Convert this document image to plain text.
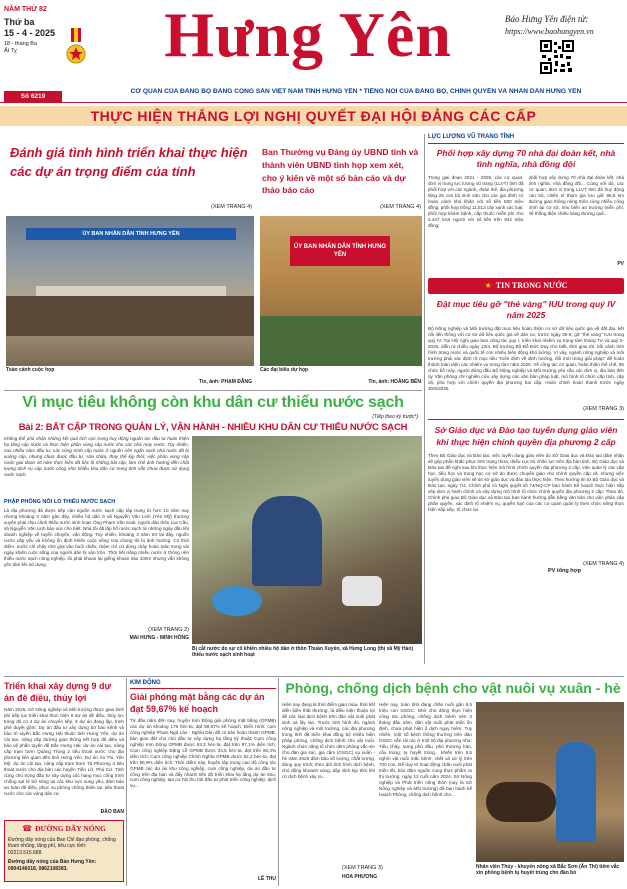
NĂM THỨ 82
Thứ ba
15 - 4 - 2025
18 - tháng Ba
Ất Tỵ
Số 6219
Hưng Yên	Báo Hưng Yên điện tử:
https://www.baohungyen.vn
CƠ QUAN CỦA ĐẢNG BỘ ĐẢNG CỘNG SẢN VIỆT NAM TỈNH HƯNG YÊN * TIẾNG NÓI CỦA ĐẢNG BỘ, CHÍNH QUYỀN VÀ NHÂN DÂN HƯNG YÊN
THỰC HIỆN THẮNG LỢI NGHỊ QUYẾT ĐẠI HỘI ĐẢNG CÁC CẤP
Đánh giá tình hình triển khai thực hiện các dự án trọng điểm của tỉnh
(XEM TRANG 4)
ỦY BAN NHÂN DÂN TỈNH HƯNG YÊN
Toàn cảnh cuộc họp
Tin, ảnh: PHẠM ĐĂNG
Ban Thường vụ Đảng ủy UBND tỉnh và thành viên UBND tỉnh họp xem xét, cho ý kiến về một số bản cáo và dự thảo báo cáo
(XEM TRANG 4)
ỦY BAN NHÂN DÂN TỈNH HƯNG YÊN
Các đại biểu dự họp
Tin, ảnh: HOÀNG BẾN
LỰC LƯỢNG VŨ TRANG TỈNH
Phối hợp xây dựng 70 nhà đại đoàn kết, nhà tình nghĩa, nhà đồng đội
Trong giai đoạn 2021 - 2025, các cơ quan, đơn vị trong lực lượng vũ trang (LLVT) tỉnh đã phối hợp với các ngành, đoàn thể, địa phương tặng 25 con bò sinh sản cho các gia đình có hoàn cảnh khó khăn với số tiền 500 triệu đồng; phối hợp trồng 11.513 cây xanh các loại; phối hợp khám bệnh, cấp thuốc miễn phí cho 2.447 lượt người với số tiền trên 942 triệu đồng;
phối hợp xây dựng 70 nhà đại đoàn kết, nhà tình nghĩa, nhà đồng đội... Cùng với đó, các cơ quan, đơn vị trong LLVT tỉnh đã huy động cán bộ, chiến sĩ tham gia lưu giữ 86,8 km đường giao thông nông thôn cùng nhiều công trình tại cơ sở, nhu biển an trường miễn phí, hệ thống điện chiếu sáng đường quê...
PV
★ TIN TRONG NƯỚC
Đặt mục tiêu gỡ "thẻ vàng" IUU trong quý IV năm 2025
Bộ Nông nghiệp và Môi trường đặt mục tiêu hoàn thiện cơ sở dữ liệu quốc gia về đất đai, kết nối liên thông với cơ sở dữ liệu quốc gia về dân cư, trước ngày 30-6; gỡ "thẻ vàng" IUU trong quý IV. Tại Hội nghị giao ban công tác quý I, triển khai nhiệm vụ trọng tâm tháng Tư và quý II-2025, diễn ra chiều ngày 13/4, Bộ trưởng Bộ Đỗ Đức Duy cho biết, thời gian tới, bối cảnh tình hình trong nước và quốc tế còn nhiều biến động khó lường. Vì vậy, ngành nông nghiệp và môi trường phải xác định rõ mục tiêu "Kiên định về định hướng, đổi mới trong giải pháp" để hoàn thành toàn diện các nhiệm vụ trong tâm năm 2025. Về công tác cơ quan, hoàn thiện thể chế, 95 chức bổ máy, người đứng đầu Bộ Nông nghiệp và Môi trường yêu cầu các đơn vị, địa bàn tỉnh ủy Văn phòng chỉ nghiên cứu xây dựng các văn bản pháp luật, mô hình tổ chức cấp tỉnh, cấp xã, phủ hợp với chính quyền địa phương hai cấp. Hoàn chỉnh hoàn thành trước ngày 30/6/2025.
(XEM TRANG 3)
Sở Giáo dục và Đào tạo tuyển dụng giáo viên khi thực hiện chính quyền địa phương 2 cấp
Theo Bộ Giáo dục và Đào tạo, việc tuyển dụng giáo viên do Sở Giáo dục và Đào tạo đảm nhận sẽ góp phần khắc phục tình trạng thừa, thiếu cục bộ nhân lực trên địa bàn tỉnh. Bộ Giáo dục và Đào tạo đề nghị sau khi thực hiện mô hình chính quyền địa phương 2 cấp, việc quản lý các cấp học, tiểu học và trung học cơ sở do được chuyển giao cho chính quyền cấp xã, nhưng việc tuyển dụng giáo viên sẽ do sở giáo dục và đào tạo thực hiện. Theo hướng tin từ Bộ Giáo dục và Đào tạo, ngày 7/4, Chính phủ có Nghị quyết số 74/NQ-CP ban hành Kế hoạch thực hiện sắp xếp đơn vị hành chính và xây dựng mô hình tổ chức chính quyền địa phương 2 cấp. Theo đó, Chính phủ giao Bộ Giáo dục và Đào tạo ban hành hướng dẫn bằng văn bản cho việc phân cấp phân quyền, xác định rõ nhiệm vụ, quyền hạn của các cơ quan quản lý theo chức năng thực hiện sắp xếp, tổ chức lại.
(XEM TRANG 4)
PV tổng hợp
Vì mục tiêu không còn khu dân cư thiếu nước sạch
(Tiếp theo kỳ trước*)
Bài 2: BẤT CẬP TRONG QUẢN LÝ, VẬN HÀNH - NHIỀU KHU DÂN CƯ THIẾU NƯỚC SẠCH
Không thể phủ nhận những kết quả tích cực trong huy động nguồn lực đầu tư hoàn thiện hạ tầng cấp nước và thực hiện phân vùng cấp nước cho các nhà máy nước. Tuy nhiên, sau nhiều năm đầu tư, các công trình cấp nước ở nguồn nên ngắn sạch nhà nước đã bị xuống cấp, nhưng chưa được đầu tư, sửa chữa, thay thế kịp thời; việc phân vùng cấp nước giai đoạn 10 năm thực hiện đã bộc lộ những bất cập, làm chế ảnh hưởng đến chất lượng dịch vụ cấp nước cũng như nhiều khu dân cư trong tỉnh vẫn chưa được sử dụng nước sạch.
PHẬP PHỒNG NỖI LO THIẾU NƯỚC SẠCH
Là địa phương đã được tiếp cận nguồn nước sạch cấp tập trung từ hơn 10 năm nay nhưng khoảng 3 năm gần đây, nhiều hộ dân ở xã Nguyễn Văn Linh (Yên Mỹ) thường xuyên phải chịu cảnh thiếu nước sinh hoạt. Ông Phạm Văn Soát, người dân thôn Lạc Cầu, xã Nguyễn Văn Linh bảo xúc cho biết: Nhà tôi đã lắp hố nước sạch từ những ngày đầu khi doanh nghiệp về tuyển chuyển, vận động. Tuy nhiên, khoảng 3 năm trở lại đây, nguồn nước cấp yếu và không ổn định khiến cuộc sống của chúng tôi bị ảnh hưởng. Có thời điểm, nước chỉ chảy nhỏ giọt vào buổi chiều, thậm chí cứ dùng chảy hoàn toàn trong vài ngày khiến cuộc sống của người dân bị xáo trộn. Thời tiết nắng nhiều nước ở thông nên thiếu nước sạch nông nghiệp, lôi phải khoan lại giếng khoan sâu 100m nhưng vẫn không yên tâm khi sử dụng.
(XEM TRANG 2)
MAI HƯNG - MINH HỒNG
Bị cắt nước do sự cố khiến nhiều hộ dân ở thôn Thuần Xuyên, xã Hưng Long (thị xã Mỹ Hào) thiếu nước sạch sinh hoạt
Triển khai xây dựng 9 dự án đê điều, thủy lợi
Năm 2025, Sở Nông nghiệp và Môi trường được giao kinh phí tiếp tục triển khai thực hiện 9 dự án đê điều, thủy lợi, trong đó có 4 dự án chuyển tiếp, 5 dự án đang lập, trình phê duyệt gồm: Dự án đầu tư xây dựng bờ bao kênh và bảo trì tuyến Bắc Hưng Hải thuộc tỉnh Hưng Yên; dự án cải tạo, nâng cấp đường giao thông kết hợp đê điều và bảo vệ phần tuyến đê Bắc Hưng Hải; dự án cải tạo, nâng cấp trạm bơm Quảng Trùng 2 tiêu thoát nước cho địa phương liên quan đến tỉnh Hưng Yên. Dự án Ân Thi, Yên Mỹ; dự án cải tạo, nâng cấp trạm bơm Tà Phương 3 tiêu thoát nước cho địa bàn các huyện Tiên Lữ, Phù Cừ. Tỉnh cũng chú trọng đầu tư xây dựng các hạng mục công trình chống sạt lở bờ sông tại các khu vực xung yếu, đảm bảo an toàn đê điều, phục vụ phòng chống thiên tai, tiêu thoát nước cho các vùng dân cư.
ĐÀO BAN
☎ ĐƯỜNG DÂY NÓNG
Đường dây nóng của Ban Chỉ đạo phòng, chống tham nhũng, lãng phí, tiêu cực tỉnh: 02213.515.688.
Đường dây nóng của Báo Hưng Yên: 0904146018, 0862108383.
KIM ĐỘNG
Giải phóng mặt bằng các dự án đạt 59,67% kế hoạch
Từ đầu năm đến nay, huyện Kim Động giải phóng mặt bằng (GPMB) các dự án khoảng 179 héc-ta, đạt 59,67% kế hoạch. Điển hình: cụm công nghiệp Phạm Ngũ Lão - Nghĩa Dân đã có bản hoàn thành GPMB, bàn giao đất cho chủ đầu tư xây dựng hạ tầng kỹ thuật; Cụm công nghiệp Kim Động GPMB được 53,3 héc-ta, đạt trên 87,1% diện tích; Cụm công nghiệp Đặng Lễ GPMB được 34,5 héc-ta, đạt trên 80,4% diện tích; Cụm công nghiệp Chính Nghĩa GPMB được 62,2 héc-ta, đạt trên 96,9% diện tích. Thời điểm này, huyện tập trung cao độ công tác GPMB các dự án khu công nghiệp, cụm công nghiệp, dự án đầu tư công trên địa bàn và đẩy nhanh tiến độ triển khai hạ tầng dự án khu, cụm công nghiệp, tạo cơ hội thu hút đầu tư phát triển công nghiệp, dịch vụ...
LÊ THU
Phòng, chống dịch bệnh cho vật nuôi vụ xuân - hè
Hiện nay đang là thời điểm giao mùa, thời tiết diễn biến thất thường, là điều kiện thuận lợi để các loại dịch bệnh trên đàn vật nuôi phát sinh và lây lan. Trước tình hình đó, ngành nông nghiệp và môi trường, các địa phương trong tỉnh đã triển khai đồng bộ nhiều biện pháp phòng, chống dịch bệnh cho vật nuôi. Ngành chức năng tổ chức tiêm phòng vắc-xin cho đàn gia súc, gia cầm (GSGC) vụ xuân - hè năm 2025 đảm bảo số lượng, chất lượng, đúng quy trình; theo dõi tình hình dịch bệnh, chủ động khoanh vùng, dập dịch kịp thời khi có dịch bệnh xảy ra...
Hiện nay, toàn tỉnh đang chăn nuôi gần 9,5 triệu con GSGC. Nhờ chủ động thực hiện công tác phòng, chống dịch bệnh nên 3 tháng đầu năm, đàn vật nuôi phát triển ổn định, chưa phát hiện ổ dịch nguy hiểm. Tuy nhiên, một số bệnh thông thường trên đàn GSGC vẫn rải rác ở một số địa phương như: Tiêu chảy, sưng phù đầu, phó thương hàn, cầu trùng, tụ huyết trùng... khiến trên 6,5 nghìn vật nuôi mắc bệnh, chết và xử lý trên 700 con. Để duy trì hoạt động chăn nuôi phát triển tốt, bảo đảm nguồn cung thực phẩm ra thị trường, ngày 12 cuối năm 2024, Sở Nông nghiệp và Phát triển nông thôn (nay là Sở Nông nghiệp và Môi trường) đã ban hành kế hoạch Phòng, chống dịch bệnh cho...
(XEM TRANG 3)
HOA PHƯƠNG
Nhân viên Thúy - khuyến nông xã Bắc Sơn (Ân Thi) tiêm vắc xin phòng bệnh tụ huyết trùng cho đàn bò
